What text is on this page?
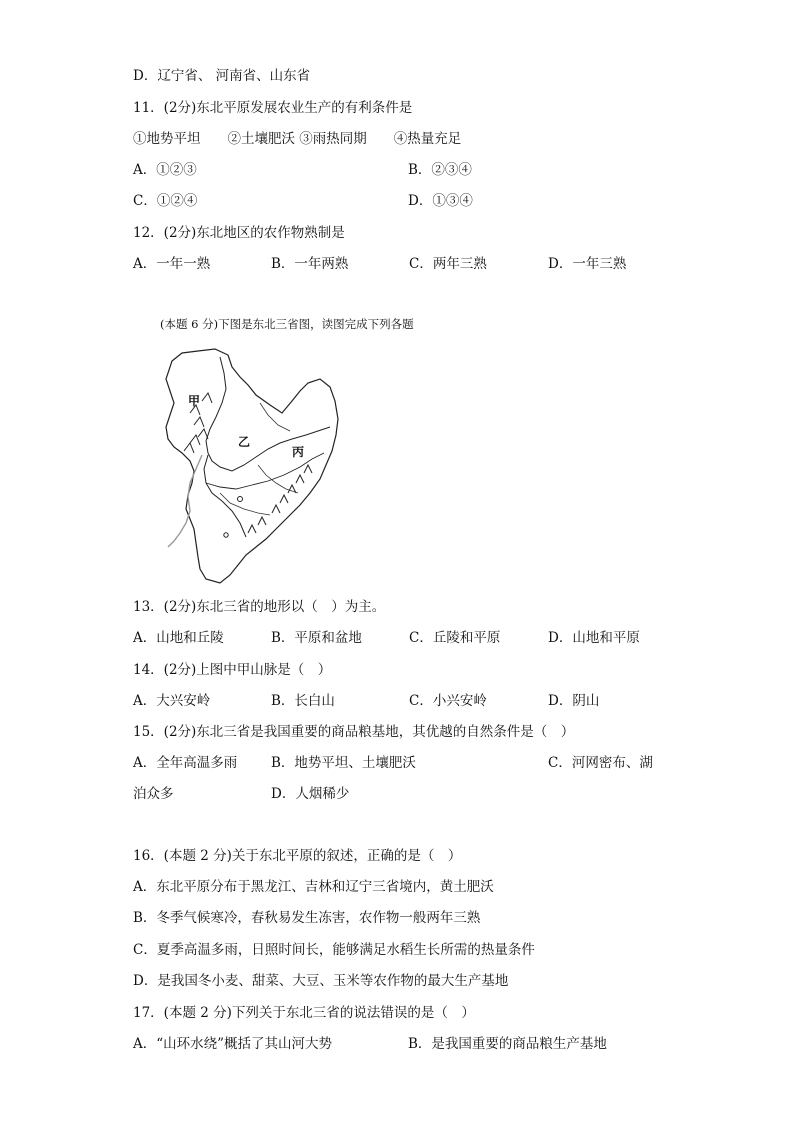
D．辽宁省、 河南省、山东省
11．(2分)东北平原发展农业生产的有利条件是
①地势平坦　　②土壤肥沃 ③雨热同期　　④热量充足
A．①②③	B．②③④
C．①②④	D．①③④
12．(2分)东北地区的农作物熟制是
A．一年一熟	B．一年两熟	C．两年三熟	D．一年三熟
(本题 6 分)下图是东北三省图，读图完成下列各题
甲
乙
丙
13．(2分)东北三省的地形以（　）为主。
A．山地和丘陵	B．平原和盆地	C．丘陵和平原	D．山地和平原
14．(2分)上图中甲山脉是（　）
A．大兴安岭	B．长白山	C．小兴安岭	D．阴山
15．(2分)东北三省是我国重要的商品粮基地，其优越的自然条件是（　）
A．全年高温多雨	B．地势平坦、土壤肥沃	C．河网密布、湖
泊众多	D．人烟稀少
16．(本题 2 分)关于东北平原的叙述，正确的是（　）
A．东北平原分布于黑龙江、吉林和辽宁三省境内，黄土肥沃
B．冬季气候寒冷，春秋易发生冻害，农作物一般两年三熟
C．夏季高温多雨，日照时间长，能够满足水稻生长所需的热量条件
D．是我国冬小麦、甜菜、大豆、玉米等农作物的最大生产基地
17．(本题 2 分)下列关于东北三省的说法错误的是（　）
A．“山环水绕”概括了其山河大势	B．是我国重要的商品粮生产基地
